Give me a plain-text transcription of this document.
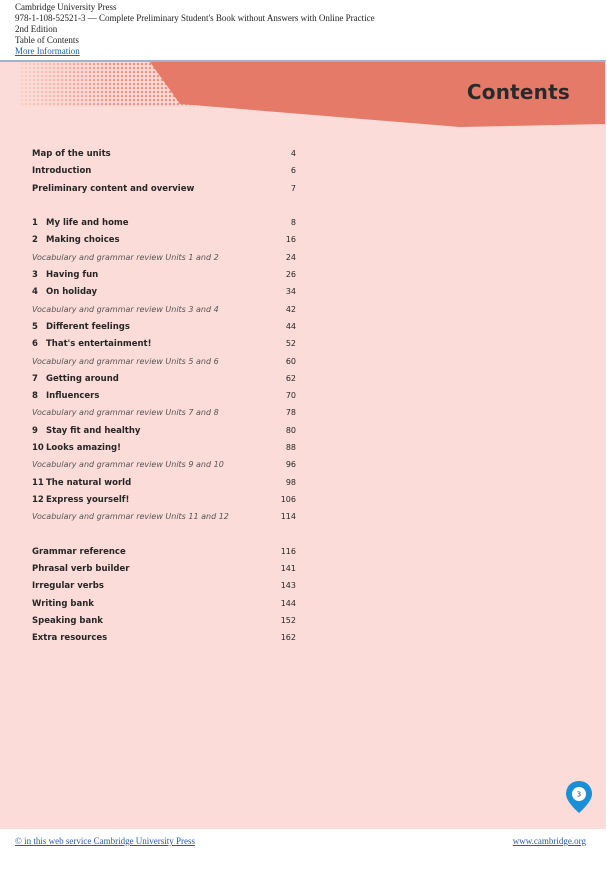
Cambridge University Press
978-1-108-52521-3 — Complete Preliminary Student's Book without Answers with Online Practice
2nd Edition
Table of Contents
More Information
Contents
Map of the units	4
Introduction	6
Preliminary content and overview	7
1 My life and home	8
2 Making choices	16
Vocabulary and grammar review Units 1 and 2	24
3 Having fun	26
4 On holiday	34
Vocabulary and grammar review Units 3 and 4	42
5 Different feelings	44
6 That's entertainment!	52
Vocabulary and grammar review Units 5 and 6	60
7 Getting around	62
8 Influencers	70
Vocabulary and grammar review Units 7 and 8	78
9 Stay fit and healthy	80
10 Looks amazing!	88
Vocabulary and grammar review Units 9 and 10	96
11 The natural world	98
12 Express yourself!	106
Vocabulary and grammar review Units 11 and 12	114
Grammar reference	116
Phrasal verb builder	141
Irregular verbs	143
Writing bank	144
Speaking bank	152
Extra resources	162
3
© in this web service Cambridge University Press	www.cambridge.org
